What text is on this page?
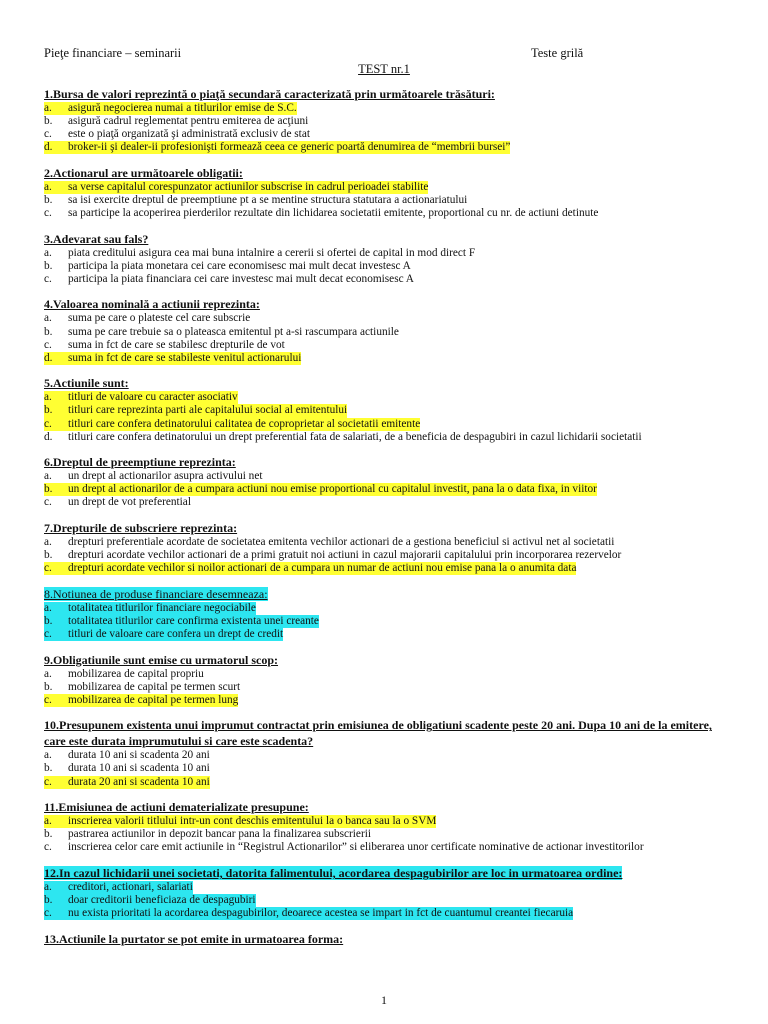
Pieţe financiare – seminarii	Teste grilă
TEST nr.1
1.Bursa de valori reprezintă o piaţă secundară caracterizată prin următoarele trăsături:
a.	asigură negocierea numai a titlurilor emise de S.C.
b.	asigură cadrul reglementat pentru emiterea de acţiuni
c.	este o piaţă organizată şi administrată exclusiv de stat
d.	broker-ii şi dealer-ii profesionişti formează ceea ce generic poartă denumirea de “membrii bursei”
2.Actionarul are următoarele obligatii:
a.	sa verse capitalul corespunzator actiunilor subscrise in cadrul perioadei stabilite
b.	sa isi exercite dreptul de preemptiune pt a se mentine structura statutara a actionariatului
c.	sa participe la acoperirea pierderilor rezultate din lichidarea societatii emitente, proportional cu nr. de actiuni detinute
3.Adevarat sau fals?
a.	piata creditului asigura cea mai buna intalnire a cererii si ofertei de capital in mod direct F
b.	participa la piata monetara cei care economisesc mai mult decat investesc A
c.	participa la piata financiara cei care investesc mai mult decat economisesc A
4.Valoarea nominală a actiunii reprezinta:
a.	suma pe care o plateste cel care subscrie
b.	suma pe care trebuie sa o plateasca emitentul pt a-si rascumpara actiunile
c.	suma in fct de care se stabilesc drepturile de vot
d.	suma in fct de care se stabileste venitul actionarului
5.Actiunile sunt:
a.	titluri de valoare cu caracter asociativ
b.	titluri care reprezinta parti ale capitalului social al emitentului
c.	titluri care confera detinatorului calitatea de coproprietar al societatii emitente
d.	titluri care confera detinatorului un drept preferential fata de salariati, de a beneficia de despagubiri in cazul lichidarii societatii
6.Dreptul de preemptiune reprezinta:
a.	un drept al actionarilor asupra activului net
b.	un drept al actionarilor de a cumpara actiuni nou emise proportional cu capitalul investit, pana la o data fixa, in viitor
c.	un drept de vot preferential
7.Drepturile de subscriere reprezinta:
a.	drepturi preferentiale acordate de societatea emitenta vechilor actionari de a gestiona beneficiul si activul net al societatii
b.	drepturi acordate vechilor actionari de a primi gratuit noi actiuni in cazul majorarii capitalului prin incorporarea rezervelor
c.	drepturi acordate vechilor si noilor actionari de a cumpara un numar de actiuni nou emise pana la o anumita data
8.Notiunea de produse financiare desemneaza:
a.	totalitatea titlurilor financiare negociabile
b.	totalitatea titlurilor care confirma existenta unei creante
c.	titluri de valoare care confera un drept de credit
9.Obligatiunile sunt emise cu urmatorul scop:
a.	mobilizarea de capital propriu
b.	mobilizarea de capital pe termen scurt
c.	mobilizarea de capital pe termen lung
10.Presupunem existenta unui imprumut contractat prin emisiunea de obligatiuni scadente peste 20 ani. Dupa 10 ani de la emitere, care este durata imprumutului si care este scadenta?
a.	durata 10 ani si scadenta 20 ani
b.	durata 10 ani si scadenta 10 ani
c.	durata 20 ani si scadenta 10 ani
11.Emisiunea de actiuni dematerializate presupune:
a.	inscrierea valorii titlului intr-un cont deschis emitentului la o banca sau la o SVM
b.	pastrarea actiunilor in depozit bancar pana la finalizarea subscrierii
c.	inscrierea celor care emit actiunile in “Registrul Actionarilor” si eliberarea unor certificate nominative de actionar investitorilor
12.In cazul lichidarii unei societati, datorita falimentului, acordarea despagubirilor are loc in urmatoarea ordine:
a.	creditori, actionari, salariati
b.	doar creditorii beneficiaza de despagubiri
c.	nu exista prioritati la acordarea despagubirilor, deoarece acestea se impart in fct de cuantumul creantei fiecaruia
13.Actiunile la purtator se pot emite in urmatoarea forma:
1
